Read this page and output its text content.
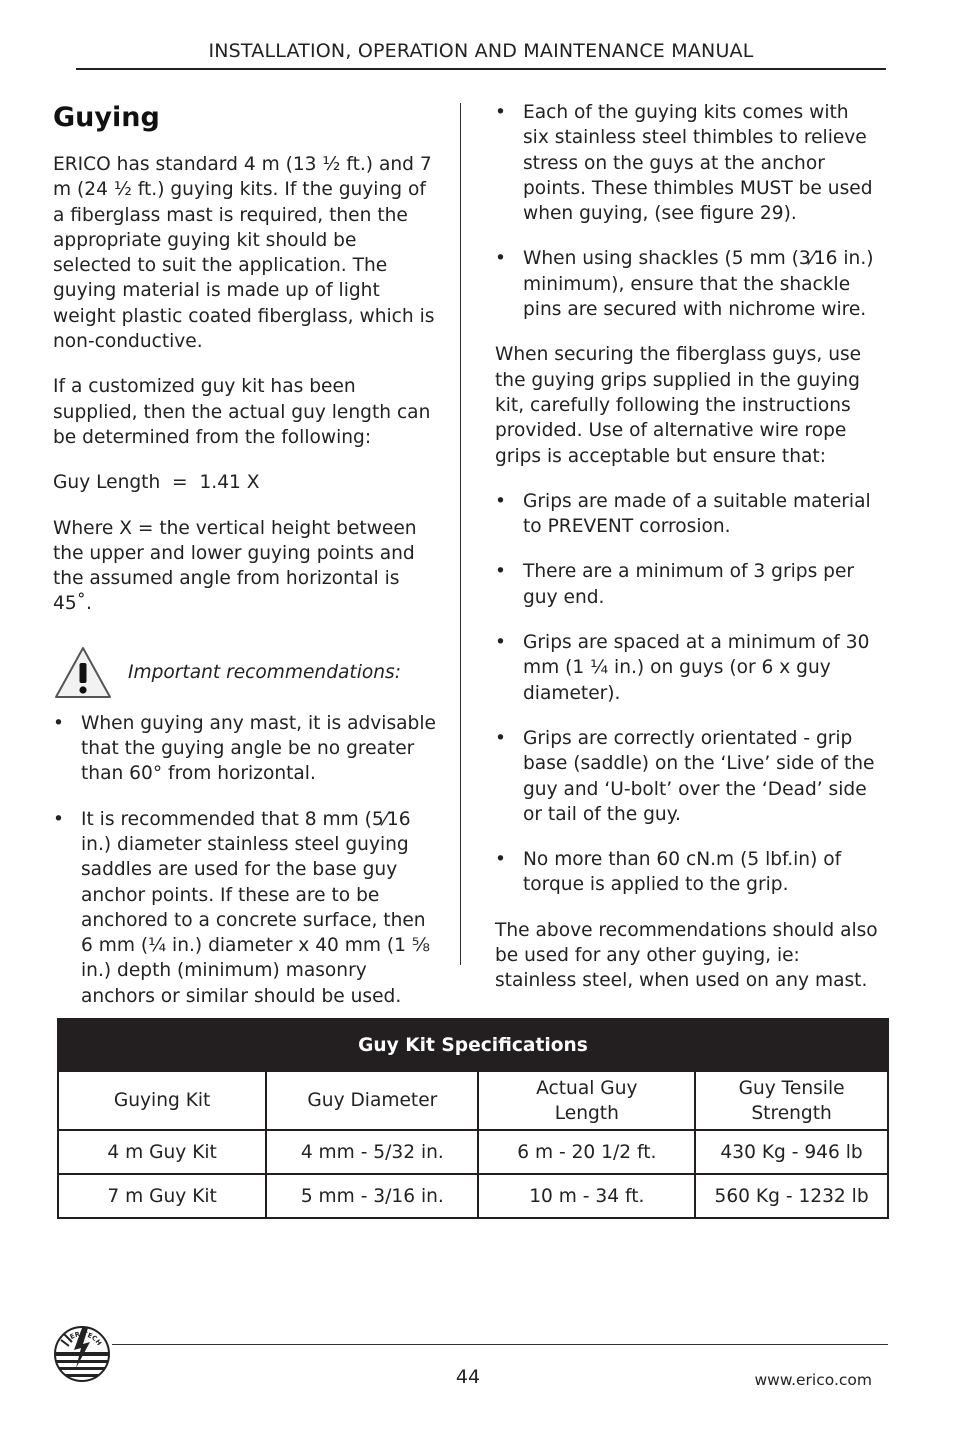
INSTALLATION, OPERATION AND MAINTENANCE MANUAL
Guying

ERICO has standard 4 m (13 ½ ft.) and 7 m (24 ½ ft.) guying kits. If the guying of a fiberglass mast is required, then the appropriate guying kit should be selected to suit the application. The guying material is made up of light weight plastic coated fiberglass, which is non-conductive.

If a customized guy kit has been supplied, then the actual guy length can be determined from the following:

Guy Length  =  1.41 X

Where X = the vertical height between the upper and lower guying points and the assumed angle from horizontal is 45˚.

Important recommendations:
• When guying any mast, it is advisable that the guying angle be no greater than 60° from horizontal.
• It is recommended that 8 mm (5⁄16 in.) diameter stainless steel guying saddles are used for the base guy anchor points. If these are to be anchored to a concrete surface, then 6 mm (¼ in.) diameter x 40 mm (1 ⅝ in.) depth (minimum) masonry anchors or similar should be used.
• Each of the guying kits comes with six stainless steel thimbles to relieve stress on the guys at the anchor points. These thimbles MUST be used when guying, (see figure 29).
• When using shackles (5 mm (3⁄16 in.) minimum), ensure that the shackle pins are secured with nichrome wire.

When securing the fiberglass guys, use the guying grips supplied in the guying kit, carefully following the instructions provided. Use of alternative wire rope grips is acceptable but ensure that:

• Grips are made of a suitable material to PREVENT corrosion.
• There are a minimum of 3 grips per guy end.
• Grips are spaced at a minimum of 30 mm (1 ¼ in.) on guys (or 6 x guy diameter).
• Grips are correctly orientated - grip base (saddle) on the ‘Live’ side of the guy and ‘U-bolt’ over the ‘Dead’ side or tail of the guy.
• No more than 60 cN.m (5 lbf.in) of torque is applied to the grip.

The above recommendations should also be used for any other guying, ie: stainless steel, when used on any mast.

Guy Kit Specifications			
Guying Kit	Guy Diameter	Actual Guy Length	Guy Tensile Strength
4 m Guy Kit	4 mm - 5/32 in.	6 m - 20 1/2 ft.	430 Kg - 946 lb
7 m Guy Kit	5 mm - 3/16 in.	10 m - 34 ft.	560 Kg - 1232 lb
ERITECH
44	www.erico.com
